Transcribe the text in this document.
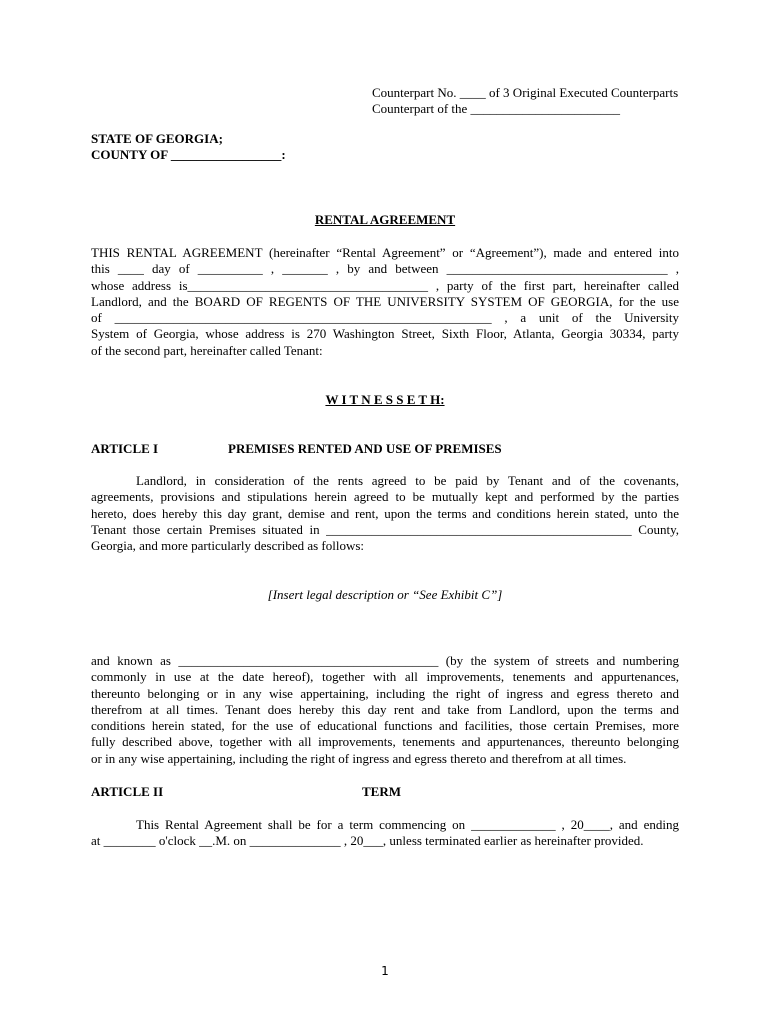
Counterpart No. ____ of 3 Original Executed Counterparts
Counterpart of the _______________________
STATE OF GEORGIA;
COUNTY OF _________________:
RENTAL AGREEMENT
THIS RENTAL AGREEMENT (hereinafter “Rental Agreement” or “Agreement”), made and entered into
this ____ day of __________ , _______ , by and between __________________________________ ,
whose address is_____________________________________ , party of the first part, hereinafter called
Landlord, and the BOARD OF REGENTS OF THE UNIVERSITY SYSTEM OF GEORGIA, for the use
of __________________________________________________________ , a unit of the University
System of Georgia, whose address is 270 Washington Street, Sixth Floor, Atlanta, Georgia 30334, party
of the second part, hereinafter called Tenant:
W I T N E S S E T H:
ARTICLE I	PREMISES RENTED AND USE OF PREMISES
Landlord, in consideration of the rents agreed to be paid by Tenant and of the covenants,
agreements, provisions and stipulations herein agreed to be mutually kept and performed by the parties
hereto, does hereby this day grant, demise and rent, upon the terms and conditions herein stated, unto the
Tenant those certain Premises situated in _______________________________________________ County,
Georgia, and more particularly described as follows:
[Insert legal description or “See Exhibit C”]
and known as ________________________________________ (by the system of streets and numbering
commonly in use at the date hereof), together with all improvements, tenements and appurtenances,
thereunto belonging or in any wise appertaining, including the right of ingress and egress thereto and
therefrom at all times. Tenant does hereby this day rent and take from Landlord, upon the terms and
conditions herein stated, for the use of educational functions and facilities, those certain Premises, more
fully described above, together with all improvements, tenements and appurtenances, thereunto belonging
or in any wise appertaining, including the right of ingress and egress thereto and therefrom at all times.
ARTICLE II	TERM
This Rental Agreement shall be for a term commencing on _____________ , 20____, and ending
at ________ o'clock __.M. on ______________ , 20___, unless terminated earlier as hereinafter provided.
1
